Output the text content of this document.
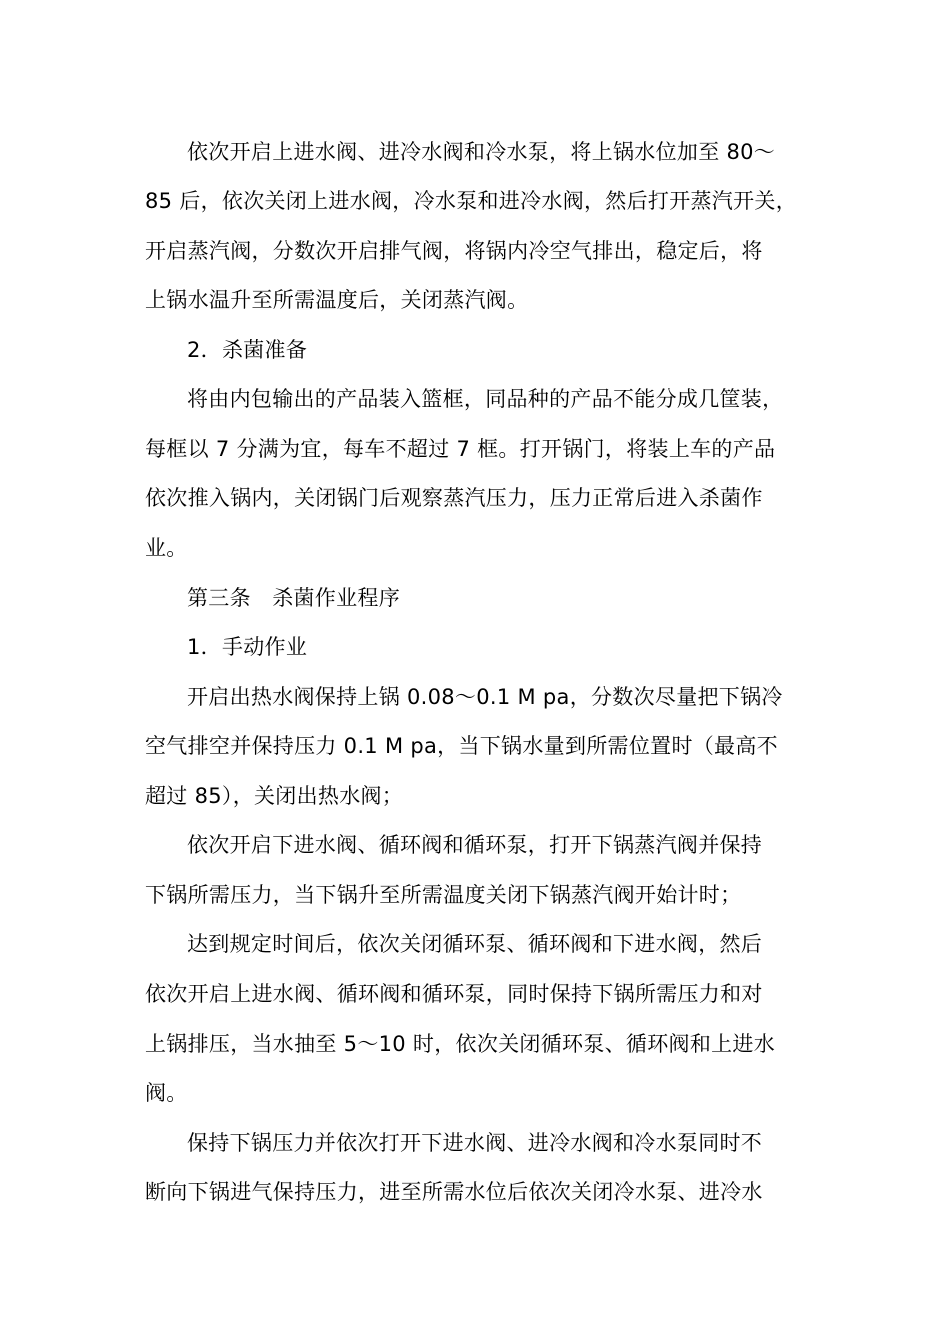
依次开启上进水阀、进冷水阀和冷水泵，将上锅水位加至 80～
85 后，依次关闭上进水阀，冷水泵和进冷水阀，然后打开蒸汽开关，
开启蒸汽阀，分数次开启排气阀，将锅内冷空气排出，稳定后，将
上锅水温升至所需温度后，关闭蒸汽阀。
2．杀菌准备
将由内包输出的产品装入篮框，同品种的产品不能分成几筐装，
每框以 7 分满为宜，每车不超过 7 框。打开锅门，将装上车的产品
依次推入锅内，关闭锅门后观察蒸汽压力，压力正常后进入杀菌作
业。
第三条　杀菌作业程序
1．手动作业
开启出热水阀保持上锅 0.08～0.1 M pa，分数次尽量把下锅冷
空气排空并保持压力 0.1 M pa，当下锅水量到所需位置时（最高不
超过 85），关闭出热水阀；
依次开启下进水阀、循环阀和循环泵，打开下锅蒸汽阀并保持
下锅所需压力，当下锅升至所需温度关闭下锅蒸汽阀开始计时；
达到规定时间后，依次关闭循环泵、循环阀和下进水阀，然后
依次开启上进水阀、循环阀和循环泵，同时保持下锅所需压力和对
上锅排压，当水抽至 5～10 时，依次关闭循环泵、循环阀和上进水
阀。
保持下锅压力并依次打开下进水阀、进冷水阀和冷水泵同时不
断向下锅进气保持压力，进至所需水位后依次关闭冷水泵、进冷水
